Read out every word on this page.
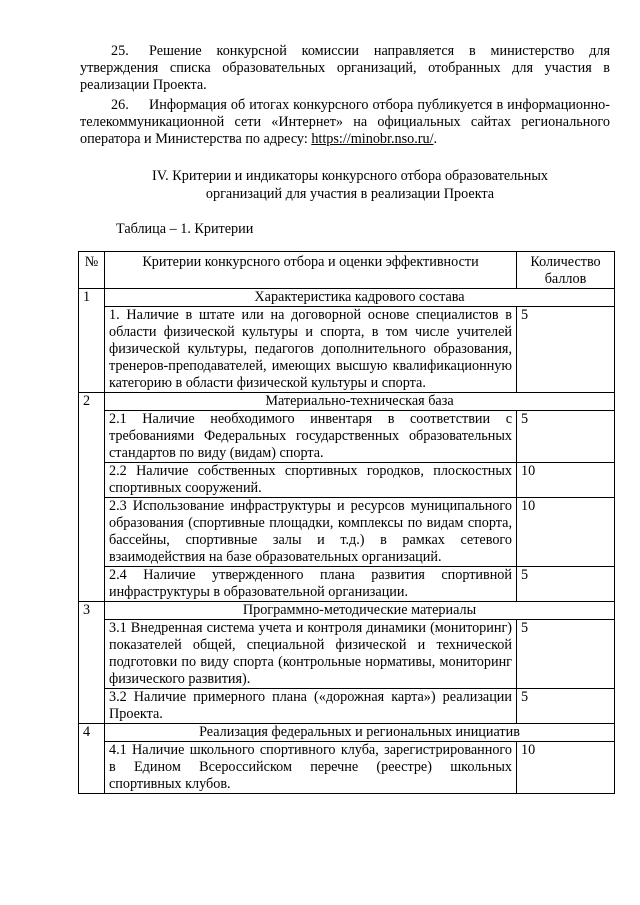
25. Решение конкурсной комиссии направляется в министерство для утверждения списка образовательных организаций, отобранных для участия в реализации Проекта.

26. Информация об итогах конкурсного отбора публикуется в информационно-телекоммуникационной сети «Интернет» на официальных сайтах регионального оператора и Министерства по адресу: https://minobr.nso.ru/.

IV. Критерии и индикаторы конкурсного отбора образовательных
организаций для участия в реализации Проекта

Таблица – 1. Критерии

№	Критерии конкурсного отбора и оценки эффективности	Количество баллов
1	Характеристика кадрового состава	
	1. Наличие в штате или на договорной основе специалистов в области физической культуры и спорта, в том числе учителей физической культуры, педагогов дополнительного образования, тренеров-преподавателей, имеющих высшую квалификационную категорию в области физической культуры и спорта.	5
2	Материально-техническая база	
	2.1 Наличие необходимого инвентаря в соответствии с требованиями Федеральных государственных образовательных стандартов по виду (видам) спорта.	5
	2.2 Наличие собственных спортивных городков, плоскостных спортивных сооружений.	10
	2.3 Использование инфраструктуры и ресурсов муниципального образования (спортивные площадки, комплексы по видам спорта, бассейны, спортивные залы и т.д.) в рамках сетевого взаимодействия на базе образовательных организаций.	10
	2.4 Наличие утвержденного плана развития спортивной инфраструктуры в образовательной организации.	5
3	Программно-методические материалы	
	3.1 Внедренная система учета и контроля динамики (мониторинг) показателей общей, специальной физической и технической подготовки по виду спорта (контрольные нормативы, мониторинг физического развития).	5
	3.2 Наличие примерного плана («дорожная карта») реализации Проекта.	5
4	Реализация федеральных и региональных инициатив	
	4.1 Наличие школьного спортивного клуба, зарегистрированного в Едином Всероссийском перечне (реестре) школьных спортивных клубов.	10
